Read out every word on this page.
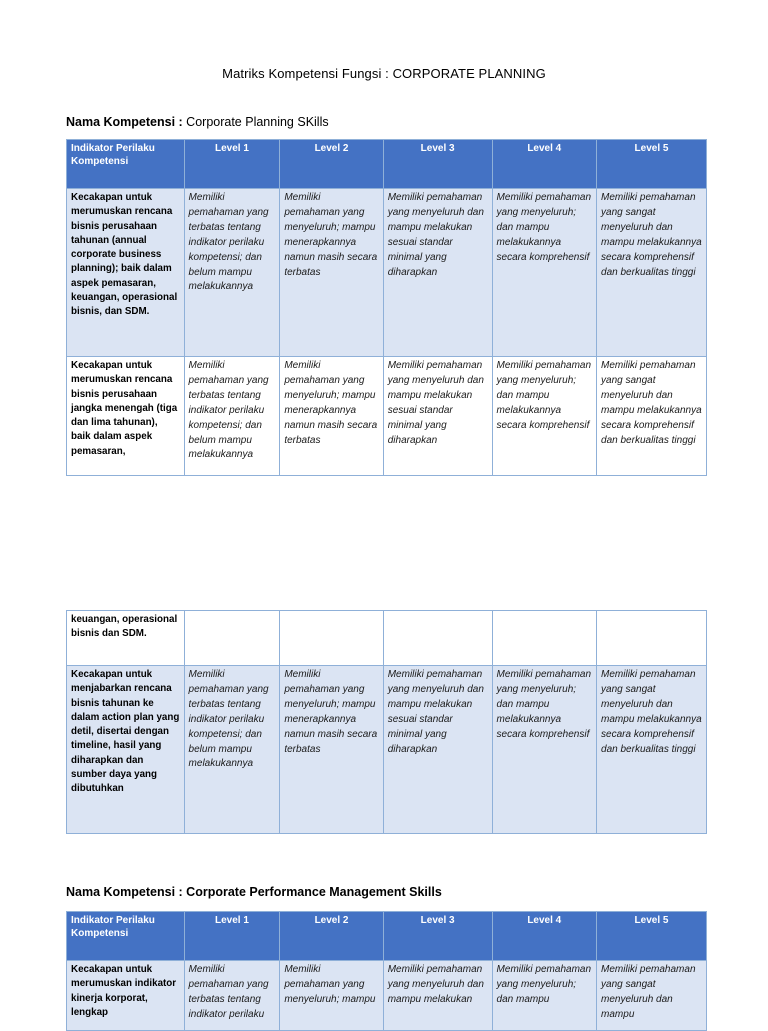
Matriks Kompetensi Fungsi : CORPORATE PLANNING
Nama Kompetensi : Corporate Planning SKills
Indikator Perilaku Kompetensi	Level 1	Level 2	Level 3	Level 4	Level 5
Kecakapan untuk merumuskan rencana bisnis perusahaan tahunan (annual corporate business planning); baik dalam aspek pemasaran, keuangan, operasional bisnis, dan SDM.	Memiliki pemahaman yang terbatas tentang indikator perilaku kompetensi; dan belum mampu melakukannya	Memiliki pemahaman yang menyeluruh; mampu menerapkannya namun masih secara terbatas	Memiliki pemahaman yang menyeluruh dan mampu melakukan sesuai standar minimal yang diharapkan	Memiliki pemahaman yang menyeluruh; dan mampu melakukannya secara komprehensif	Memiliki pemahaman yang sangat menyeluruh dan mampu melakukannya secara komprehensif dan berkualitas tinggi
Kecakapan untuk merumuskan rencana bisnis perusahaan jangka menengah (tiga dan lima tahunan), baik dalam aspek pemasaran,	Memiliki pemahaman yang terbatas tentang indikator perilaku kompetensi; dan belum mampu melakukannya	Memiliki pemahaman yang menyeluruh; mampu menerapkannya namun masih secara terbatas	Memiliki pemahaman yang menyeluruh dan mampu melakukan sesuai standar minimal yang diharapkan	Memiliki pemahaman yang menyeluruh; dan mampu melakukannya secara komprehensif	Memiliki pemahaman yang sangat menyeluruh dan mampu melakukannya secara komprehensif dan berkualitas tinggi
keuangan, operasional bisnis dan SDM.					
Kecakapan untuk menjabarkan rencana bisnis tahunan ke dalam action plan yang detil, disertai dengan timeline, hasil yang diharapkan dan sumber daya yang dibutuhkan	Memiliki pemahaman yang terbatas tentang indikator perilaku kompetensi; dan belum mampu melakukannya	Memiliki pemahaman yang menyeluruh; mampu menerapkannya namun masih secara terbatas	Memiliki pemahaman yang menyeluruh dan mampu melakukan sesuai standar minimal yang diharapkan	Memiliki pemahaman yang menyeluruh; dan mampu melakukannya secara komprehensif	Memiliki pemahaman yang sangat menyeluruh dan mampu melakukannya secara komprehensif dan berkualitas tinggi
Nama Kompetensi : Corporate Performance Management Skills
Indikator Perilaku Kompetensi	Level 1	Level 2	Level 3	Level 4	Level 5
Kecakapan untuk merumuskan indikator kinerja korporat, lengkap	Memiliki pemahaman yang terbatas tentang indikator perilaku	Memiliki pemahaman yang menyeluruh; mampu	Memiliki pemahaman yang menyeluruh dan mampu melakukan	Memiliki pemahaman yang menyeluruh; dan mampu	Memiliki pemahaman yang sangat menyeluruh dan mampu
